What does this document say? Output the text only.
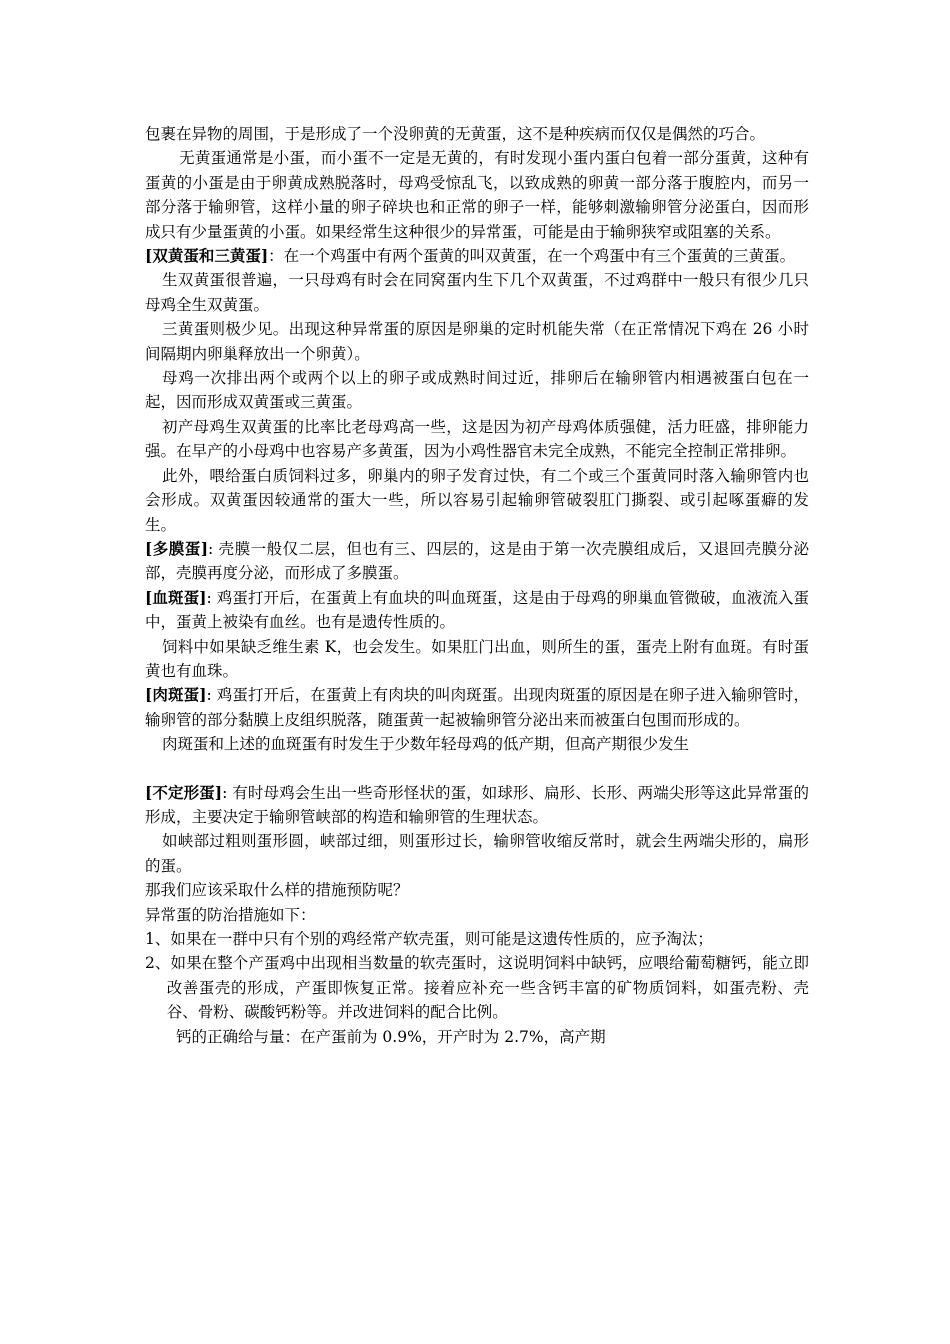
包裹在异物的周围，于是形成了一个没卵黄的无黄蛋，这不是种疾病而仅仅是偶然的巧合。

无黄蛋通常是小蛋，而小蛋不一定是无黄的，有时发现小蛋内蛋白包着一部分蛋黄，这种有蛋黄的小蛋是由于卵黄成熟脱落时，母鸡受惊乱飞，以致成熟的卵黄一部分落于腹腔内，而另一部分落于输卵管，这样小量的卵子碎块也和正常的卵子一样，能够刺激输卵管分泌蛋白，因而形成只有少量蛋黄的小蛋。如果经常生这种很少的异常蛋，可能是由于输卵狭窄或阻塞的关系。

[双黄蛋和三黄蛋]：在一个鸡蛋中有两个蛋黄的叫双黄蛋，在一个鸡蛋中有三个蛋黄的三黄蛋。

生双黄蛋很普遍，一只母鸡有时会在同窝蛋内生下几个双黄蛋，不过鸡群中一般只有很少几只母鸡全生双黄蛋。

三黄蛋则极少见。出现这种异常蛋的原因是卵巢的定时机能失常（在正常情况下鸡在 26 小时间隔期内卵巢释放出一个卵黄）。

母鸡一次排出两个或两个以上的卵子或成熟时间过近，排卵后在输卵管内相遇被蛋白包在一起，因而形成双黄蛋或三黄蛋。

初产母鸡生双黄蛋的比率比老母鸡高一些，这是因为初产母鸡体质强健，活力旺盛，排卵能力强。在早产的小母鸡中也容易产多黄蛋，因为小鸡性器官未完全成熟，不能完全控制正常排卵。

此外，喂给蛋白质饲料过多，卵巢内的卵子发育过快，有二个或三个蛋黄同时落入输卵管内也会形成。双黄蛋因较通常的蛋大一些，所以容易引起输卵管破裂肛门撕裂、或引起啄蛋癖的发生。

[多膜蛋]: 壳膜一般仅二层，但也有三、四层的，这是由于第一次壳膜组成后，又退回壳膜分泌部，壳膜再度分泌，而形成了多膜蛋。

[血斑蛋]: 鸡蛋打开后，在蛋黄上有血块的叫血斑蛋，这是由于母鸡的卵巢血管微破，血液流入蛋中，蛋黄上被染有血丝。也有是遗传性质的。

饲料中如果缺乏维生素 K，也会发生。如果肛门出血，则所生的蛋，蛋壳上附有血斑。有时蛋黄也有血珠。

[肉斑蛋]: 鸡蛋打开后，在蛋黄上有肉块的叫肉斑蛋。出现肉斑蛋的原因是在卵子进入输卵管时，输卵管的部分黏膜上皮组织脱落，随蛋黄一起被输卵管分泌出来而被蛋白包围而形成的。

肉斑蛋和上述的血斑蛋有时发生于少数年轻母鸡的低产期，但高产期很少发生

[不定形蛋]: 有时母鸡会生出一些奇形怪状的蛋，如球形、扁形、长形、两端尖形等这此异常蛋的形成，主要决定于输卵管峡部的构造和输卵管的生理状态。

如峡部过粗则蛋形圆，峡部过细，则蛋形过长，输卵管收缩反常时，就会生两端尖形的，扁形的蛋。

那我们应该采取什么样的措施预防呢？

异常蛋的防治措施如下：

1、如果在一群中只有个别的鸡经常产软壳蛋，则可能是这遗传性质的，应予淘汰；

2、如果在整个产蛋鸡中出现相当数量的软壳蛋时，这说明饲料中缺钙，应喂给葡萄糖钙，能立即改善蛋壳的形成，产蛋即恢复正常。接着应补充一些含钙丰富的矿物质饲料，如蛋壳粉、壳谷、骨粉、碳酸钙粉等。并改进饲料的配合比例。

钙的正确给与量：在产蛋前为 0.9%，开产时为 2.7%，高产期
